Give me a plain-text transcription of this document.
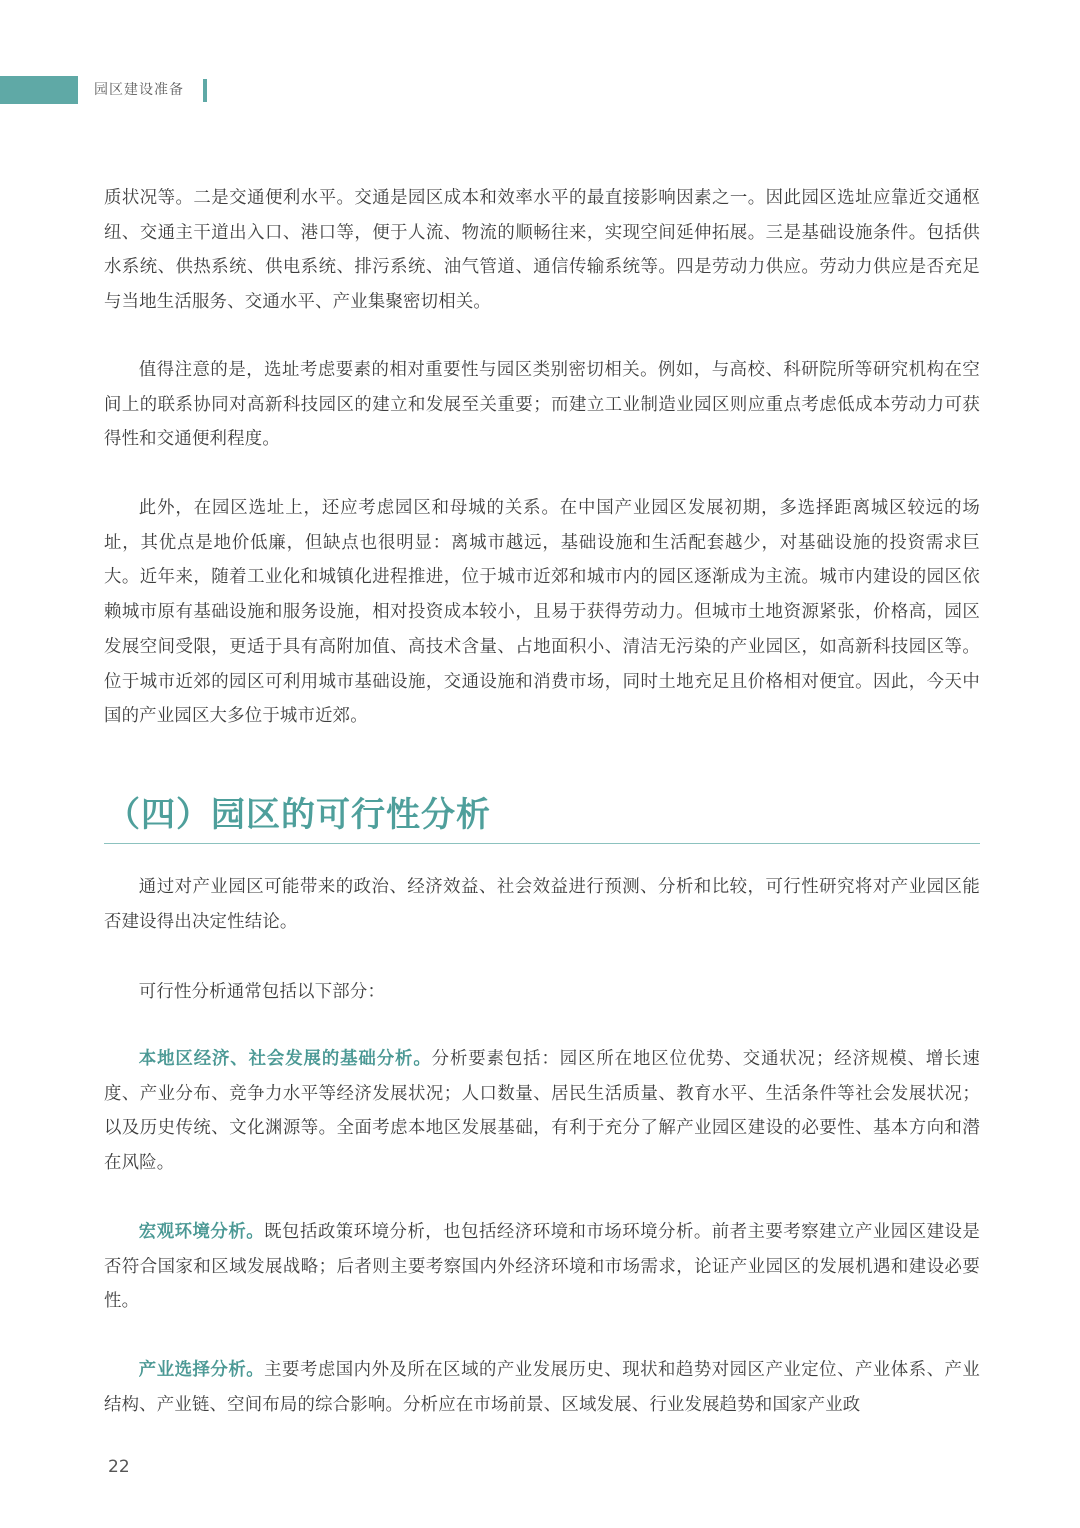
园区建设准备

质状况等。二是交通便利水平。交通是园区成本和效率水平的最直接影响因素之一。因此园区选址应靠近交通枢纽、交通主干道出入口、港口等，便于人流、物流的顺畅往来，实现空间延伸拓展。三是基础设施条件。包括供水系统、供热系统、供电系统、排污系统、油气管道、通信传输系统等。四是劳动力供应。劳动力供应是否充足与当地生活服务、交通水平、产业集聚密切相关。

值得注意的是，选址考虑要素的相对重要性与园区类别密切相关。例如，与高校、科研院所等研究机构在空间上的联系协同对高新科技园区的建立和发展至关重要；而建立工业制造业园区则应重点考虑低成本劳动力可获得性和交通便利程度。

此外，在园区选址上，还应考虑园区和母城的关系。在中国产业园区发展初期，多选择距离城区较远的场址，其优点是地价低廉，但缺点也很明显：离城市越远，基础设施和生活配套越少，对基础设施的投资需求巨大。近年来，随着工业化和城镇化进程推进，位于城市近郊和城市内的园区逐渐成为主流。城市内建设的园区依赖城市原有基础设施和服务设施，相对投资成本较小，且易于获得劳动力。但城市土地资源紧张，价格高，园区发展空间受限，更适于具有高附加值、高技术含量、占地面积小、清洁无污染的产业园区，如高新科技园区等。位于城市近郊的园区可利用城市基础设施，交通设施和消费市场，同时土地充足且价格相对便宜。因此，今天中国的产业园区大多位于城市近郊。

（四）园区的可行性分析

通过对产业园区可能带来的政治、经济效益、社会效益进行预测、分析和比较，可行性研究将对产业园区能否建设得出决定性结论。

可行性分析通常包括以下部分：

本地区经济、社会发展的基础分析。分析要素包括：园区所在地区位优势、交通状况；经济规模、增长速度、产业分布、竞争力水平等经济发展状况；人口数量、居民生活质量、教育水平、生活条件等社会发展状况；以及历史传统、文化渊源等。全面考虑本地区发展基础，有利于充分了解产业园区建设的必要性、基本方向和潜在风险。

宏观环境分析。既包括政策环境分析，也包括经济环境和市场环境分析。前者主要考察建立产业园区建设是否符合国家和区域发展战略；后者则主要考察国内外经济环境和市场需求，论证产业园区的发展机遇和建设必要性。

产业选择分析。主要考虑国内外及所在区域的产业发展历史、现状和趋势对园区产业定位、产业体系、产业结构、产业链、空间布局的综合影响。分析应在市场前景、区域发展、行业发展趋势和国家产业政

22
